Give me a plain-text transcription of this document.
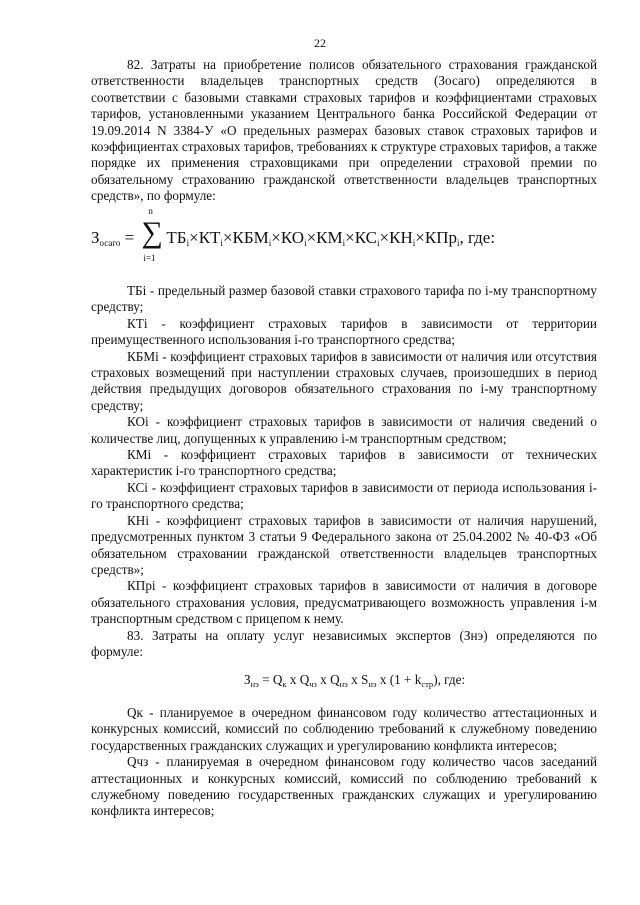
22

82. Затраты на приобретение полисов обязательного страхования гражданской ответственности владельцев транспортных средств (Зосаго) определяются в соответствии с базовыми ставками страховых тарифов и коэффициентами страховых тарифов, установленными указанием Центрального банка Российской Федерации от 19.09.2014 N 3384-У «О предельных размерах базовых ставок страховых тарифов и коэффициентах страховых тарифов, требованиях к структуре страховых тарифов, а также порядке их применения страховщиками при определении страховой премии по обязательному страхованию гражданской ответственности владельцев транспортных средств», по формуле:

$З_{осаго}$ =
n
∑
i=1
$ТБ_i\times КТ_i\times КБМ_i\times КО_i\times КМ_i\times КС_i\times КН_i\times КПр_i$, где:

ТБi - предельный размер базовой ставки страхового тарифа по i-му транспортному средству;

КТi - коэффициент страховых тарифов в зависимости от территории преимущественного использования i-го транспортного средства;

КБМi - коэффициент страховых тарифов в зависимости от наличия или отсутствия страховых возмещений при наступлении страховых случаев, произошедших в период действия предыдущих договоров обязательного страхования по i-му транспортному средству;

КОi - коэффициент страховых тарифов в зависимости от наличия сведений о количестве лиц, допущенных к управлению i-м транспортным средством;

КМi - коэффициент страховых тарифов в зависимости от технических характеристик i-го транспортного средства;

КСi - коэффициент страховых тарифов в зависимости от периода использования i-го транспортного средства;

КНi - коэффициент страховых тарифов в зависимости от наличия нарушений, предусмотренных пунктом 3 статьи 9 Федерального закона от 25.04.2002 № 40-ФЗ «Об обязательном страховании гражданской ответственности владельцев транспортных средств»;

КПрi - коэффициент страховых тарифов в зависимости от наличия в договоре обязательного страхования условия, предусматривающего возможность управления i-м транспортным средством с прицепом к нему.

83. Затраты на оплату услуг независимых экспертов (Знэ) определяются по формуле:

$З_{нэ} = Q_к$ x $Q_{чз}$ x $Q_{нэ}$ x $S_{нэ}$ x $(1 + k_{стр})$, где:

Qк - планируемое в очередном финансовом году количество аттестационных и конкурсных комиссий, комиссий по соблюдению требований к служебному поведению государственных гражданских служащих и урегулированию конфликта интересов;

Qчз - планируемая в очередном финансовом году количество часов заседаний аттестационных и конкурсных комиссий, комиссий по соблюдению требований к служебному поведению государственных гражданских служащих и урегулированию конфликта интересов;
